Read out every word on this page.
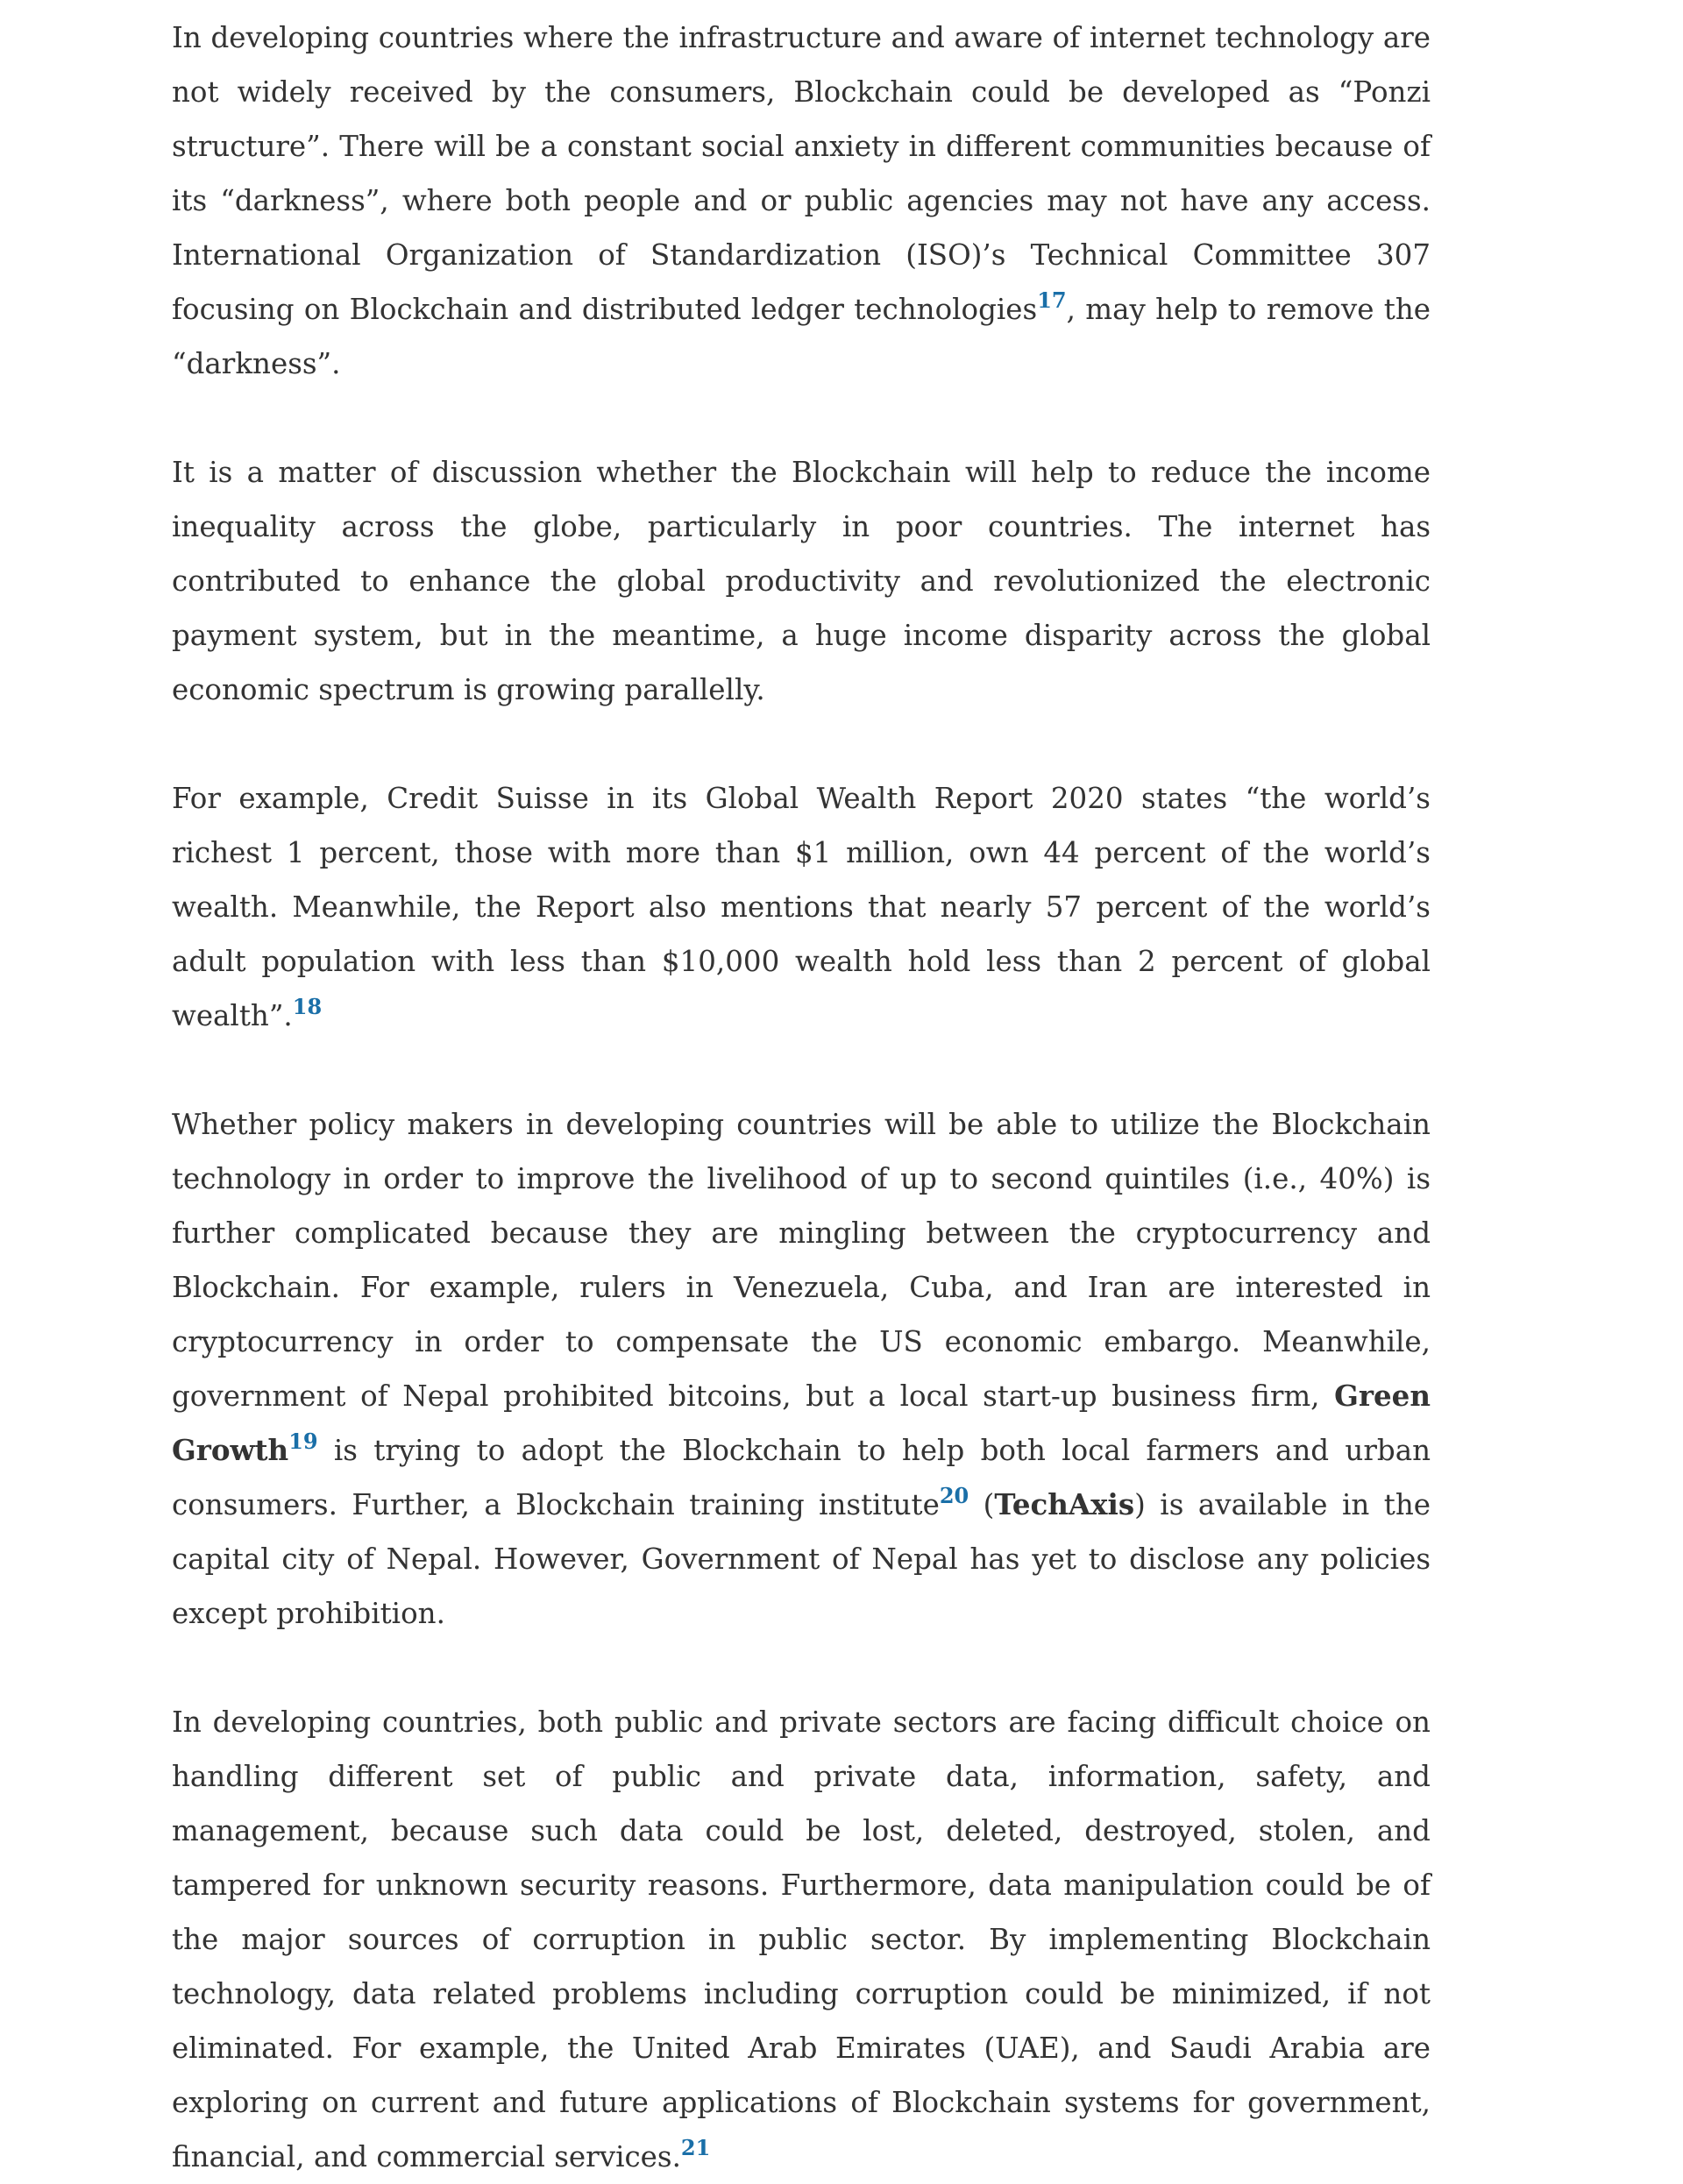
In developing countries where the infrastructure and aware of internet technology are not widely received by the consumers, Blockchain could be developed as “Ponzi structure”. There will be a constant social anxiety in different communities because of its “darkness”, where both people and or public agencies may not have any access. International Organization of Standardization (ISO)’s Technical Committee 307 focusing on Blockchain and distributed ledger technologies$^{17}$, may help to remove the “darkness”.

It is a matter of discussion whether the Blockchain will help to reduce the income inequality across the globe, particularly in poor countries. The internet has contributed to enhance the global productivity and revolutionized the electronic payment system, but in the meantime, a huge income disparity across the global economic spectrum is growing parallelly.

For example, Credit Suisse in its Global Wealth Report 2020 states “the world’s richest 1 percent, those with more than $1 million, own 44 percent of the world’s wealth. Meanwhile, the Report also mentions that nearly 57 percent of the world’s adult population with less than $10,000 wealth hold less than 2 percent of global wealth”.$^{18}$

Whether policy makers in developing countries will be able to utilize the Blockchain technology in order to improve the livelihood of up to second quintiles (i.e., 40%) is further complicated because they are mingling between the cryptocurrency and Blockchain. For example, rulers in Venezuela, Cuba, and Iran are interested in cryptocurrency in order to compensate the US economic embargo. Meanwhile, government of Nepal prohibited bitcoins, but a local start-up business firm, Green Growth$^{19}$ is trying to adopt the Blockchain to help both local farmers and urban consumers. Further, a Blockchain training institute$^{20}$ (TechAxis) is available in the capital city of Nepal. However, Government of Nepal has yet to disclose any policies except prohibition.

In developing countries, both public and private sectors are facing difficult choice on handling different set of public and private data, information, safety, and management, because such data could be lost, deleted, destroyed, stolen, and tampered for unknown security reasons. Furthermore, data manipulation could be of the major sources of corruption in public sector. By implementing Blockchain technology, data related problems including corruption could be minimized, if not eliminated. For example, the United Arab Emirates (UAE), and Saudi Arabia are exploring on current and future applications of Blockchain systems for government, financial, and commercial services.$^{21}$
